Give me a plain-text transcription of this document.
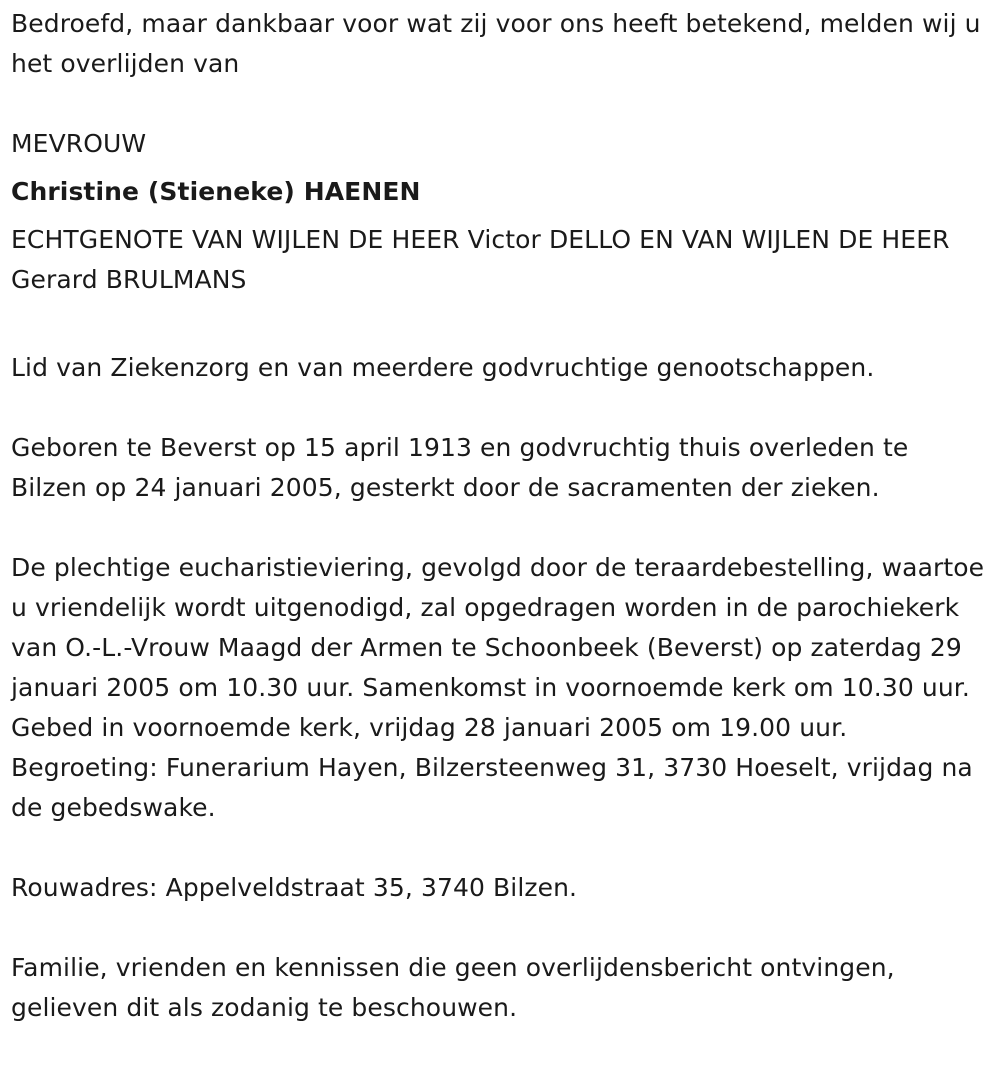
Bedroefd, maar dankbaar voor wat zij voor ons heeft betekend, melden wij u het overlijden van

MEVROUW

Christine (Stieneke) HAENEN

ECHTGENOTE VAN WIJLEN DE HEER Victor DELLO EN VAN WIJLEN DE HEER

Gerard BRULMANS

Lid van Ziekenzorg en van meerdere godvruchtige genootschappen.

Geboren te Beverst op 15 april 1913 en godvruchtig thuis overleden te Bilzen op 24 januari 2005, gesterkt door de sacramenten der zieken.

De plechtige eucharistieviering, gevolgd door de teraardebestelling, waartoe u vriendelijk wordt uitgenodigd, zal opgedragen worden in de parochiekerk van O.-L.-Vrouw Maagd der Armen te Schoonbeek (Beverst) op zaterdag 29 januari 2005 om 10.30 uur. Samenkomst in voornoemde kerk om 10.30 uur. Gebed in voornoemde kerk, vrijdag 28 januari 2005 om 19.00 uur. Begroeting: Funerarium Hayen, Bilzersteenweg 31, 3730 Hoeselt, vrijdag na de gebedswake.

Rouwadres: Appelveldstraat 35, 3740 Bilzen.

Familie, vrienden en kennissen die geen overlijdensbericht ontvingen, gelieven dit als zodanig te beschouwen.
